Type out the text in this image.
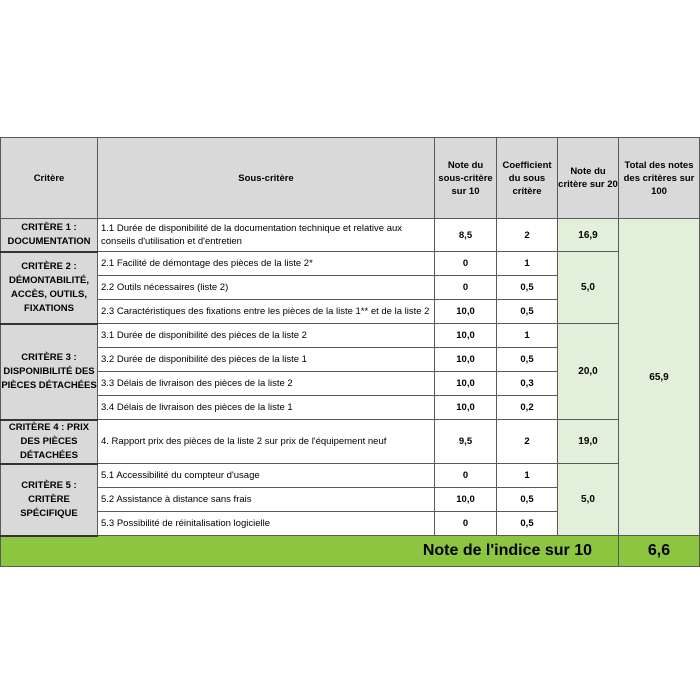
Critère	Sous-critère	Note du sous-critère sur 10	Coefficient du sous critère	Note du critère sur 20	Total des notes des critères sur 100
CRITÈRE 1 : DOCUMENTATION	1.1 Durée de disponibilité de la documentation technique et relative aux conseils d'utilisation et d'entretien	8,5	2	16,9	65,9
CRITÈRE 2 : DÉMONTABILITÉ, ACCÈS, OUTILS, FIXATIONS	2.1 Facilité de démontage des pièces de la liste 2*	0	1	5,0	
	2.2 Outils nécessaires (liste 2)	0	0,5		
	2.3 Caractéristiques des fixations entre les pièces de la liste 1** et de la liste 2	10,0	0,5		
CRITÈRE 3 : DISPONIBILITÉ DES PIÈCES DÉTACHÉES	3.1 Durée de disponibilité des pièces de la liste 2	10,0	1	20,0	
	3.2 Durée de disponibilité des pièces de la liste 1	10,0	0,5		
	3.3 Délais de livraison des pièces de la liste 2	10,0	0,3		
	3.4 Délais de livraison des pièces de la liste 1	10,0	0,2		
CRITÈRE 4 : PRIX DES PIÈCES DÉTACHÉES	4. Rapport prix des pièces de la liste 2 sur prix de l'équipement neuf	9,5	2	19,0	
CRITÈRE 5 : CRITÈRE SPÉCIFIQUE	5.1 Accessibilité du compteur d'usage	0	1	5,0	
	5.2 Assistance à distance sans frais	10,0	0,5		
	5.3 Possibilité de réinitalisation logicielle	0	0,5		
Note de l'indice sur 10					6,6
